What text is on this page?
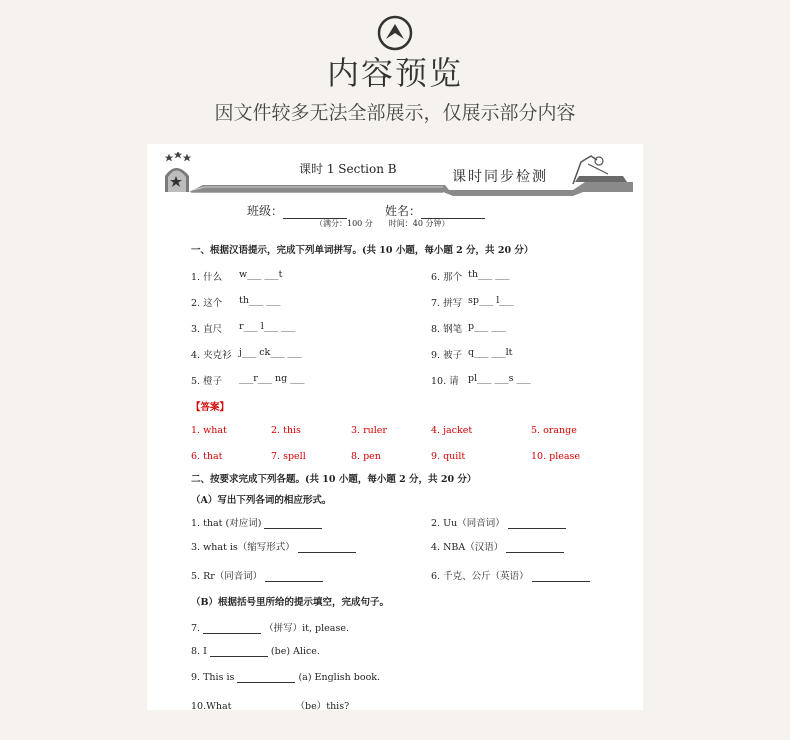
内容预览
因文件较多无法全部展示，仅展示部分内容
课时 1 Section B	课时同步检测
班级：	姓名：
（满分：100 分　　时间：40 分钟）
一、根据汉语提示，完成下列单词拼写。(共 10 小题，每小题 2 分，共 20 分）
1. 什么 w___ ___t	6. 那个 th___ ___
2. 这个 th___ ___	7. 拼写 sp___ l___
3. 直尺 r___ l___ ___	8. 钢笔 p___ ___
4. 夹克衫 j___ ck___ ___	9. 被子 q___ ___lt
5. 橙子 ___r___ ng ___	10. 请 pl___ ___s ___
【答案】
1. what	2. this	3. ruler	4. jacket	5. orange
6. that	7. spell	8. pen	9. quilt	10. please
二、按要求完成下列各题。(共 10 小题，每小题 2 分，共 20 分）
（A）写出下列各词的相应形式。
1. that (对应词)	2. Uu（同音词）
3. what is（缩写形式）	4. NBA（汉语）
5. Rr（同音词）	6. 千克、公斤（英语）
（B）根据括号里所给的提示填空，完成句子。
7.	（拼写）it, please.
8. I	(be) Alice.
9. This is	(a) English book.
10.What	（be）this?
